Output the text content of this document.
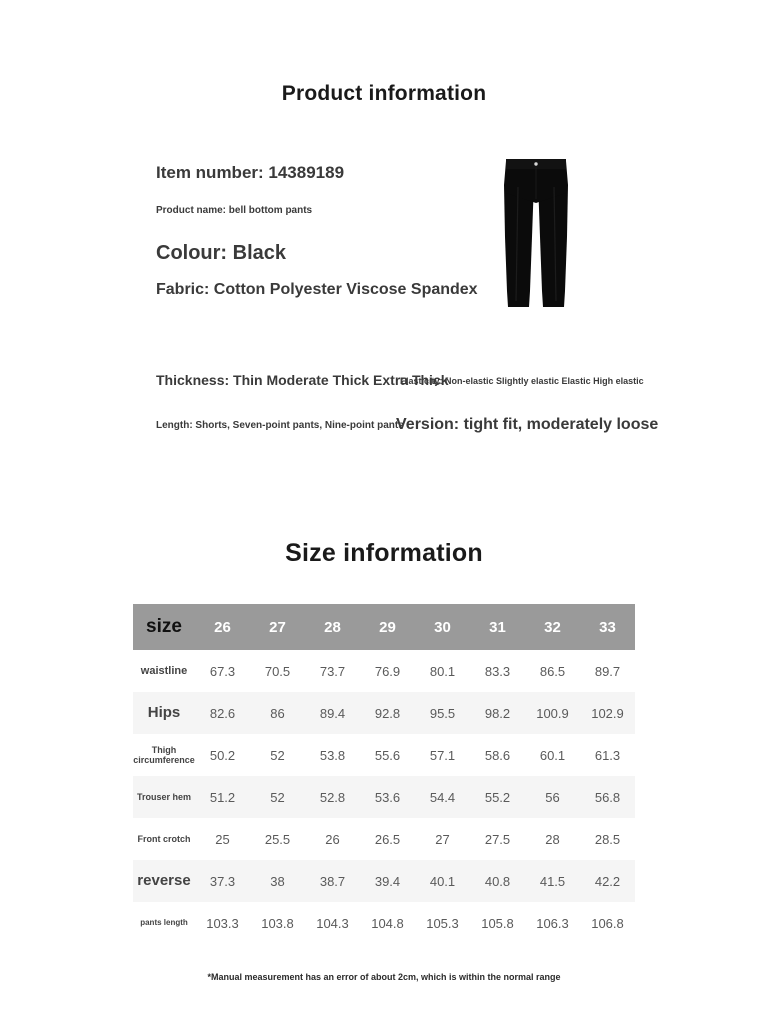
Product information
Item number: 14389189
Product name: bell bottom pants
Colour: Black
Fabric: Cotton Polyester Viscose Spandex
Thickness: Thin Moderate Thick Extra Thick
Elasticity: Non-elastic Slightly elastic Elastic High elastic
Length: Shorts, Seven-point pants, Nine-point pants
Version: tight fit, moderately loose
Size information
size	26	27	28	29	30	31	32	33
waistline	67.3	70.5	73.7	76.9	80.1	83.3	86.5	89.7
Hips	82.6	86	89.4	92.8	95.5	98.2	100.9	102.9
Thigh circumference	50.2	52	53.8	55.6	57.1	58.6	60.1	61.3
Trouser hem	51.2	52	52.8	53.6	54.4	55.2	56	56.8
Front crotch	25	25.5	26	26.5	27	27.5	28	28.5
reverse	37.3	38	38.7	39.4	40.1	40.8	41.5	42.2
pants length	103.3	103.8	104.3	104.8	105.3	105.8	106.3	106.8
*Manual measurement has an error of about 2cm, which is within the normal range
